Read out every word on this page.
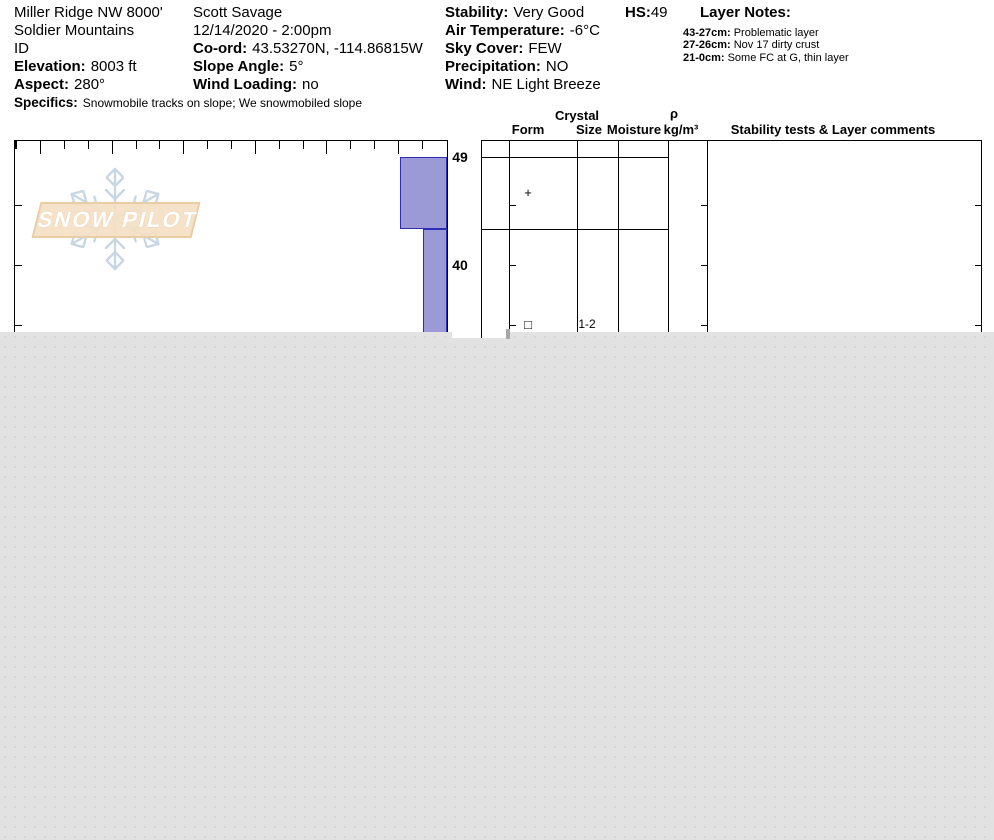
Miller Ridge NW 8000'
Soldier Mountains
ID
Elevation: 8003 ft
Aspect: 280°
Specifics: Snowmobile tracks on slope; We snowmobiled slope
Scott Savage
12/14/2020 - 2:00pm
Co-ord: 43.53270N, -114.86815W
Slope Angle: 5°
Wind Loading: no
Stability: Very Good
Air Temperature: -6°C
Sky Cover: FEW
Precipitation: NO
Wind: NE Light Breeze
HS:49	Layer Notes:
43-27cm: Problematic layer
27-26cm: Nov 17 dirty crust
21-0cm: Some FC at G, thin layer
SNOW PILOT
Crystal
Form	Size Moisture
ρ
kg/m³	Stability tests & Layer comments
49
40
+
□	1-2
